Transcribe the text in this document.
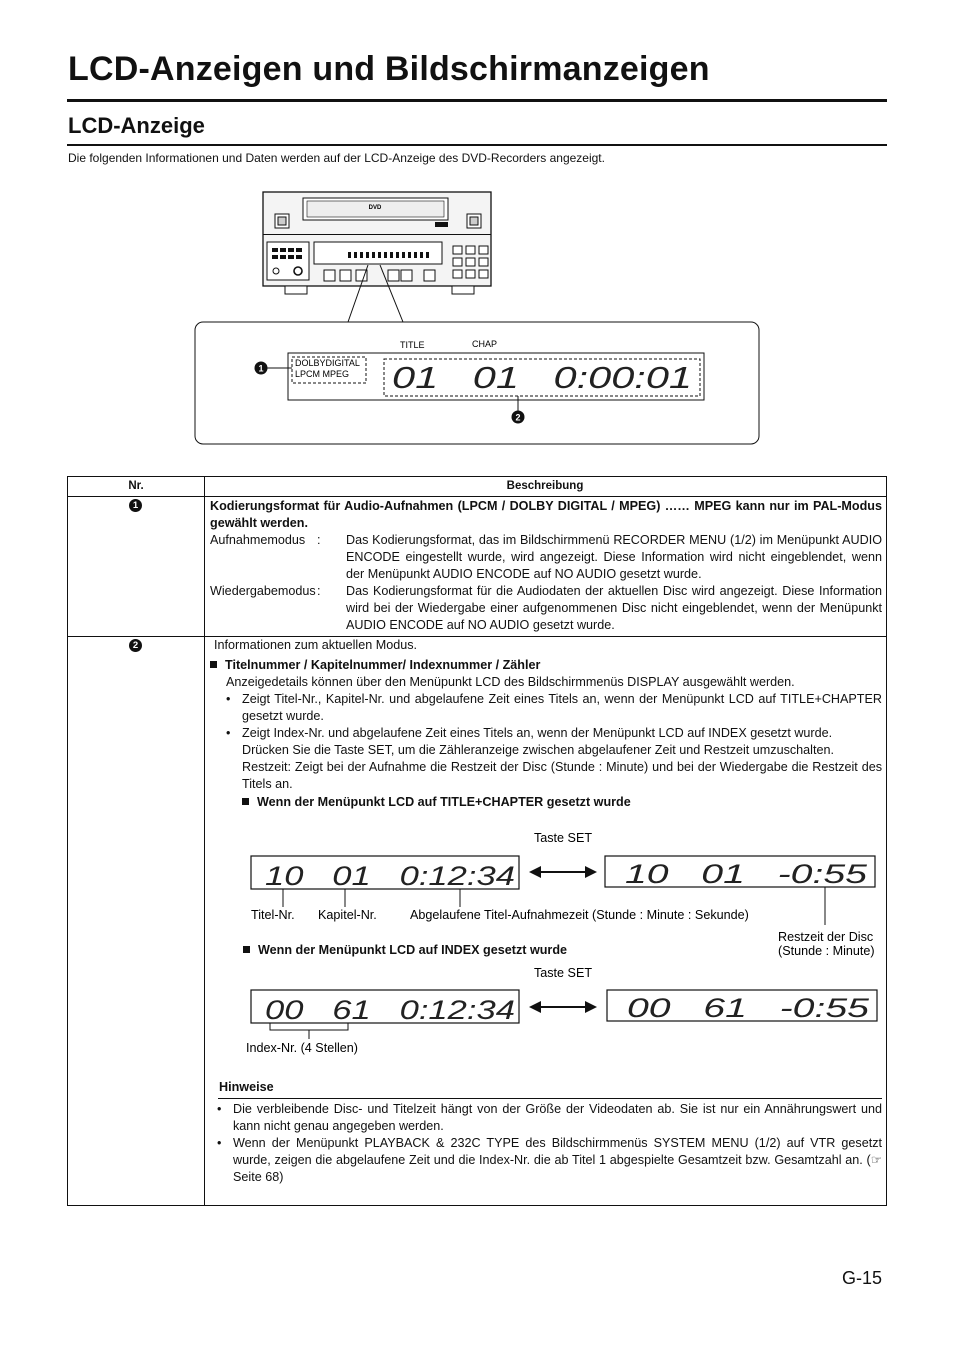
LCD-Anzeigen und Bildschirmanzeigen
LCD-Anzeige
Die folgenden Informationen und Daten werden auf der LCD-Anzeige des DVD-Recorders angezeigt.
DVD
TITLE	CHAP
DOLBYDIGITAL
LPCM MPEG 01   01   0:00:01
1
2
Nr.	Beschreibung
1	Kodierungsformat für Audio-Aufnahmen (LPCM / DOLBY DIGITAL / MPEG) …… MPEG kann nur im PAL-Modus gewählt werden.
Aufnahmemodus :	Das Kodierungsformat, das im Bildschirmmenü RECORDER MENU (1/2) im Menüpunkt AUDIO ENCODE eingestellt wurde, wird angezeigt. Diese Information wird nicht eingeblendet, wenn der Menüpunkt AUDIO ENCODE auf NO AUDIO gesetzt wurde.
Wiedergabemodus :	Das Kodierungsformat für die Audiodaten der aktuellen Disc wird angezeigt. Diese Information wird bei der Wiedergabe einer aufgenommenen Disc nicht eingeblendet, wenn der Menüpunkt AUDIO ENCODE auf NO AUDIO gesetzt wurde.
2	Informationen zum aktuellen Modus.
Titelnummer / Kapitelnummer/ Indexnummer / Zähler
Anzeigedetails können über den Menüpunkt LCD des Bildschirmmenüs DISPLAY ausgewählt werden.
• Zeigt Titel-Nr., Kapitel-Nr. und abgelaufene Zeit eines Titels an, wenn der Menüpunkt LCD auf TITLE+CHAPTER gesetzt wurde.
• Zeigt Index-Nr. und abgelaufene Zeit eines Titels an, wenn der Menüpunkt LCD auf INDEX gesetzt wurde.
Drücken Sie die Taste SET, um die Zähleranzeige zwischen abgelaufener Zeit und Restzeit umzuschalten.
Restzeit: Zeigt bei der Aufnahme die Restzeit der Disc (Stunde : Minute) und bei der Wiedergabe die Restzeit des Titels an.
Wenn der Menüpunkt LCD auf TITLE+CHAPTER gesetzt wurde
Taste SET
10   01   0:12:34	10   01   -0:55
Titel-Nr. Kapitel-Nr.	Abgelaufene Titel-Aufnahmezeit (Stunde : Minute : Sekunde)
Restzeit der Disc
(Stunde : Minute)
Taste SET
00   61   0:12:34	00   61   -0:55
Index-Nr. (4 Stellen)
Wenn der Menüpunkt LCD auf INDEX gesetzt wurde
Hinweise
• Die verbleibende Disc- und Titelzeit hängt von der Größe der Videodaten ab. Sie ist nur ein Annährungswert und kann nicht genau angegeben werden.
• Wenn der Menüpunkt PLAYBACK & 232C TYPE des Bildschirmmenüs SYSTEM MENU (1/2) auf VTR gesetzt wurde, zeigen die abgelaufene Zeit und die Index-Nr. die ab Titel 1 abgespielte Gesamtzeit bzw. Gesamtzahl an. (☞ Seite 68)
G-15
